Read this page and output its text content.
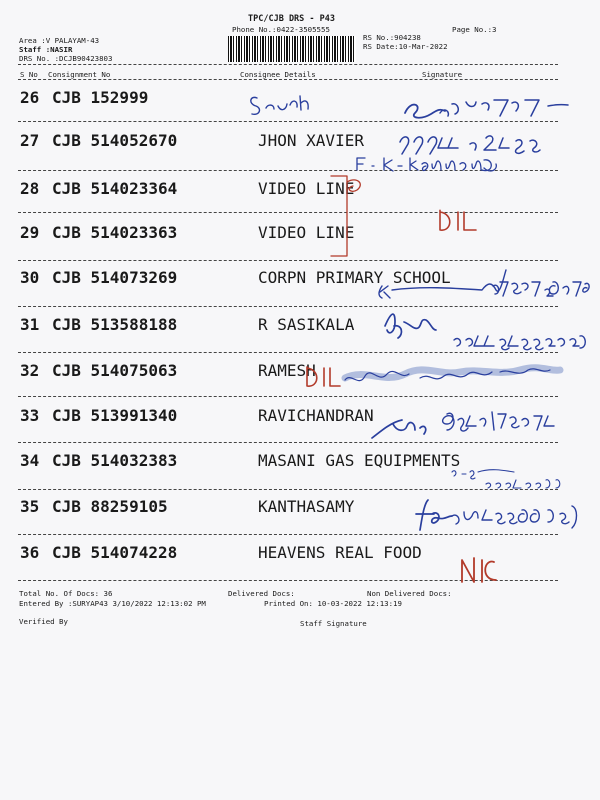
TPC/CJB DRS - P43
Phone No.:0422-3505555	Page No.:3
Area :V PALAYAM-43
Staff :NASIR
DRS No. :DCJB90423803
RS No.:904238
RS Date:10-Mar-2022
S No Consignment No	Consignee Details	Signature
26 CJB 152999
27 CJB 514052670	JHON XAVIER
28 CJB 514023364	VIDEO LINE
29 CJB 514023363	VIDEO LINE
30 CJB 514073269	CORPN PRIMARY SCHOOL
31 CJB 513588188	R SASIKALA
32 CJB 514075063	RAMESH
33 CJB 513991340	RAVICHANDRAN
34 CJB 514032383	MASANI GAS EQUIPMENTS
35 CJB 88259105	KANTHASAMY
36 CJB 514074228	HEAVENS REAL FOOD
Total No. Of Docs: 36	Delivered Docs:	Non Delivered Docs:
Entered By :SURYAP43 3/10/2022 12:13:02 PM	Printed On: 10-03-2022 12:13:19
Verified By	Staff Signature
